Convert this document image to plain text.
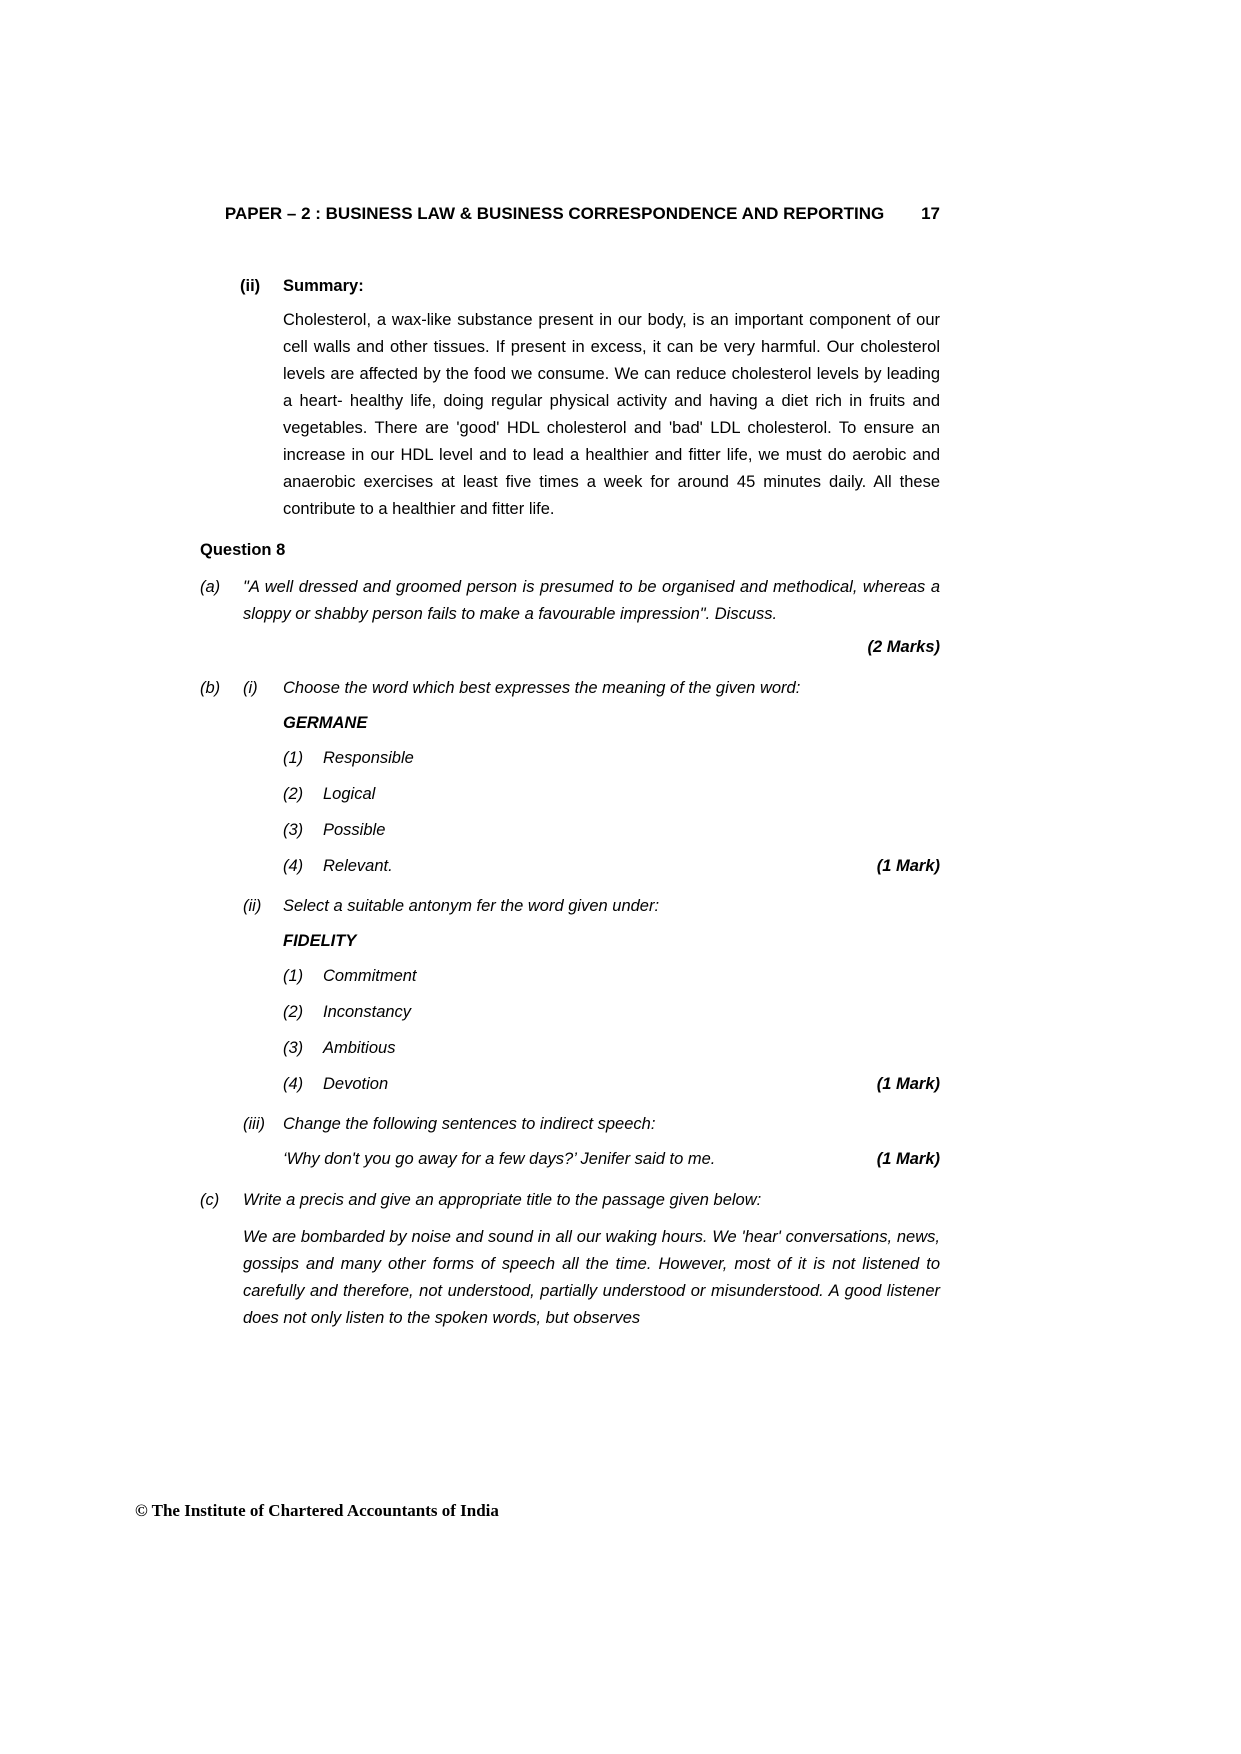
PAPER – 2 : BUSINESS LAW & BUSINESS CORRESPONDENCE AND REPORTING	17
(ii)	Summary:

Cholesterol, a wax-like substance present in our body, is an important component of our cell walls and other tissues. If present in excess, it can be very harmful. Our cholesterol levels are affected by the food we consume. We can reduce cholesterol levels by leading a heart- healthy life, doing regular physical activity and having a diet rich in fruits and vegetables. There are 'good' HDL cholesterol and 'bad' LDL cholesterol. To ensure an increase in our HDL level and to lead a healthier and fitter life, we must do aerobic and anaerobic exercises at least five times a week for around 45 minutes daily. All these contribute to a healthier and fitter life.

Question 8
(a)	"A well dressed and groomed person is presumed to be organised and methodical, whereas a sloppy or shabby person fails to make a favourable impression". Discuss.

(2 Marks)
(b)	(i)	Choose the word which best expresses the meaning of the given word:

GERMANE
(1)	Responsible
(2)	Logical
(3)	Possible
(4)	Relevant.	(1 Mark)
(ii)	Select a suitable antonym fer the word given under:

FIDELITY
(1)	Commitment
(2)	Inconstancy
(3)	Ambitious
(4)	Devotion	(1 Mark)
(iii)	Change the following sentences to indirect speech:

‘Why don't you go away for a few days?’ Jenifer said to me.	(1 Mark)
(c)	Write a precis and give an appropriate title to the passage given below:

We are bombarded by noise and sound in all our waking hours. We 'hear' conversations, news, gossips and many other forms of speech all the time. However, most of it is not listened to carefully and therefore, not understood, partially understood or misunderstood. A good listener does not only listen to the spoken words, but observes

© The Institute of Chartered Accountants of India
